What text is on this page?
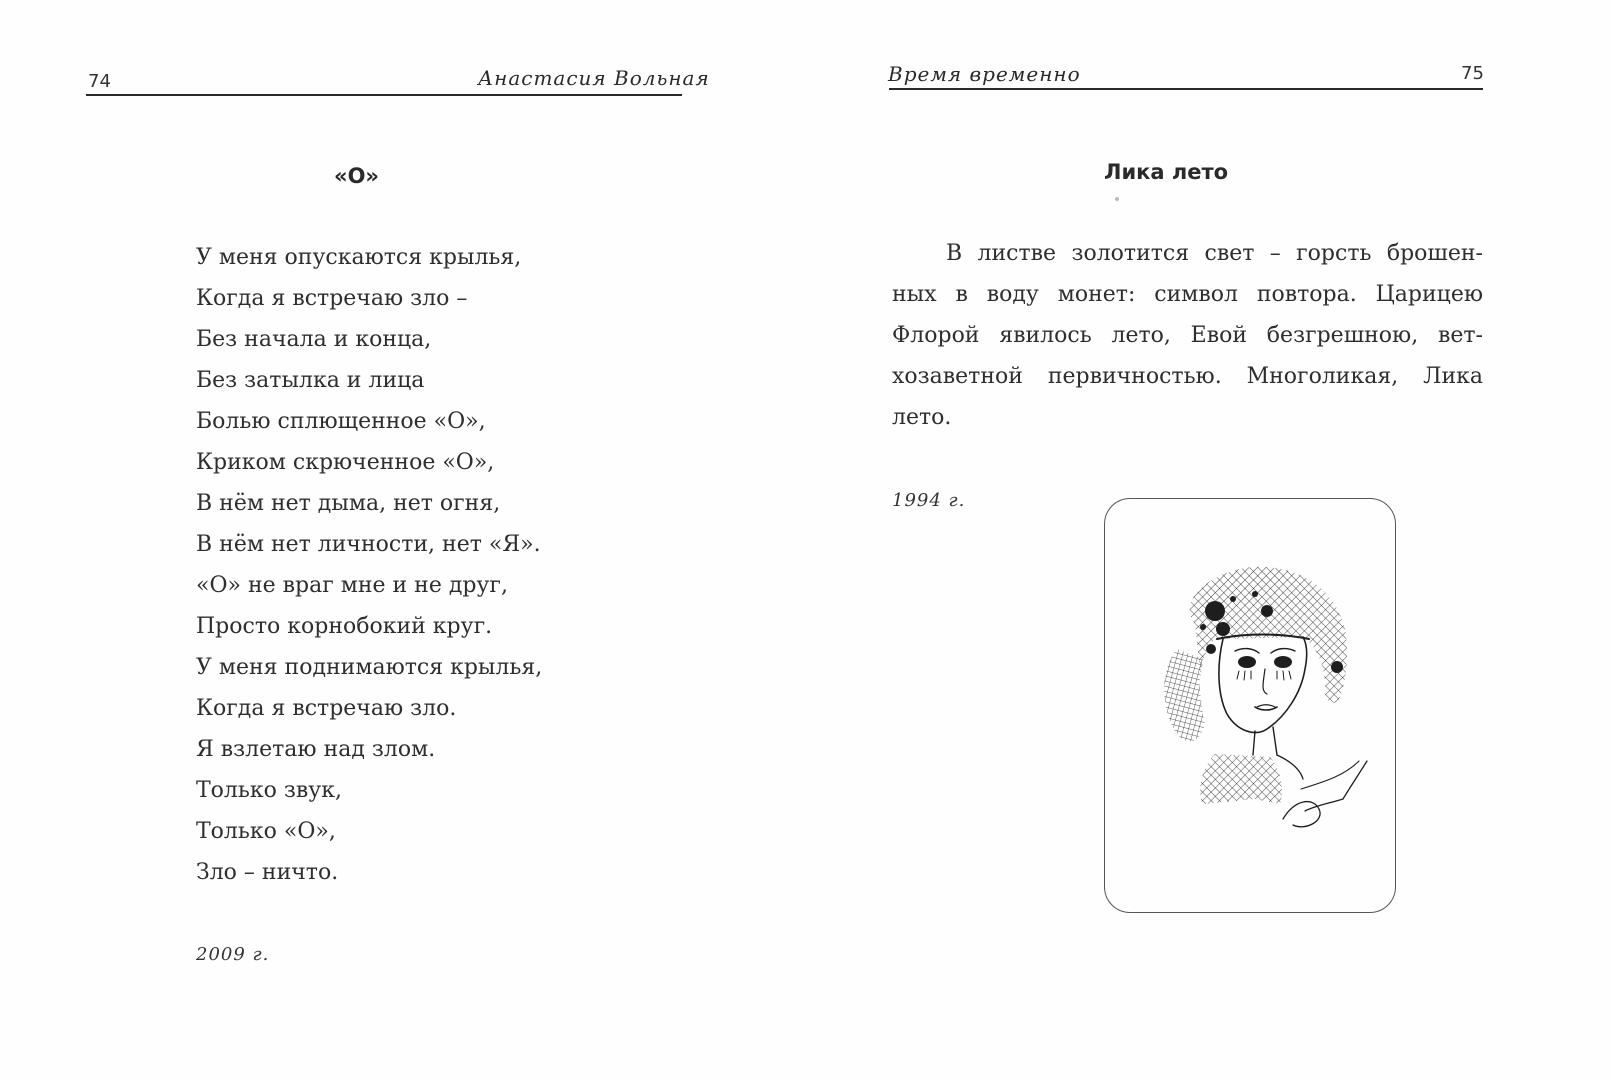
74	Анастасия Вольная
«О»
У меня опускаются крылья,
Когда я встречаю зло –
Без начала и конца,
Без затылка и лица
Болью сплющенное «О»,
Криком скрюченное «О»,
В нём нет дыма, нет огня,
В нём нет личности, нет «Я».
«О» не враг мне и не друг,
Просто корнобокий круг.
У меня поднимаются крылья,
Когда я встречаю зло.
Я взлетаю над злом.
Только звук,
Только «О»,
Зло – ничто.
2009 г.
Время временно	75
Лика лето
В листве золотится свет – горсть брошен-
ных в воду монет: символ повтора. Царицею
Флорой явилось лето, Евой безгрешною, вет-
хозаветной первичностью. Многоликая, Лика
лето.
1994 г.
